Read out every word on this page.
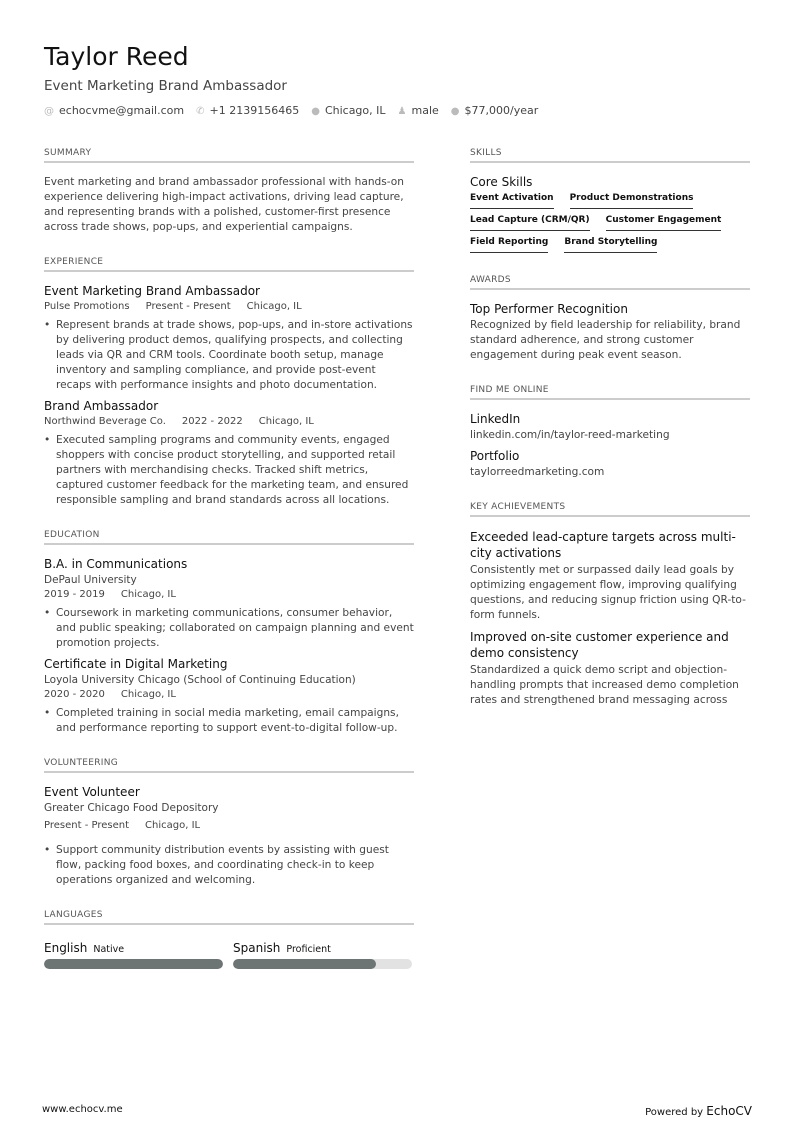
Taylor Reed
Event Marketing Brand Ambassador
@ echocvme@gmail.com ✆ +1 2139156465 ● Chicago, IL ♟ male ● $77,000/year
SUMMARY

Event marketing and brand ambassador professional with hands-on experience delivering high-impact activations, driving lead capture, and representing brands with a polished, customer-first presence across trade shows, pop-ups, and experiential campaigns.

EXPERIENCE
Event Marketing Brand Ambassador
Pulse Promotions Present - Present Chicago, IL
• Represent brands at trade shows, pop-ups, and in-store activations by delivering product demos, qualifying prospects, and collecting leads via QR and CRM tools. Coordinate booth setup, manage inventory and sampling compliance, and provide post-event recaps with performance insights and photo documentation.
Brand Ambassador
Northwind Beverage Co. 2022 - 2022 Chicago, IL
• Executed sampling programs and community events, engaged shoppers with concise product storytelling, and supported retail partners with merchandising checks. Tracked shift metrics, captured customer feedback for the marketing team, and ensured responsible sampling and brand standards across all locations.
EDUCATION
B.A. in Communications
DePaul University
2019 - 2019 Chicago, IL
• Coursework in marketing communications, consumer behavior, and public speaking; collaborated on campaign planning and event promotion projects.
Certificate in Digital Marketing
Loyola University Chicago (School of Continuing Education)
2020 - 2020 Chicago, IL
• Completed training in social media marketing, email campaigns, and performance reporting to support event-to-digital follow-up.
VOLUNTEERING
Event Volunteer
Greater Chicago Food Depository
Present - Present Chicago, IL
• Support community distribution events by assisting with guest flow, packing food boxes, and coordinating check-in to keep operations organized and welcoming.
LANGUAGES
English Native	Spanish Proficient
SKILLS
Core Skills
Event Activation Product Demonstrations
Lead Capture (CRM/QR) Customer Engagement
Field Reporting Brand Storytelling
AWARDS
Top Performer Recognition

Recognized by field leadership for reliability, brand standard adherence, and strong customer engagement during peak event season.

FIND ME ONLINE
LinkedIn

linkedin.com/in/taylor-reed-marketing

Portfolio

taylorreedmarketing.com

KEY ACHIEVEMENTS
Exceeded lead-capture targets across multi-city activations

Consistently met or surpassed daily lead goals by optimizing engagement flow, improving qualifying questions, and reducing signup friction using QR-to-form funnels.

Improved on-site customer experience and demo consistency

Standardized a quick demo script and objection-handling prompts that increased demo completion rates and strengthened brand messaging across

www.echocv.me	Powered by EchoCV
